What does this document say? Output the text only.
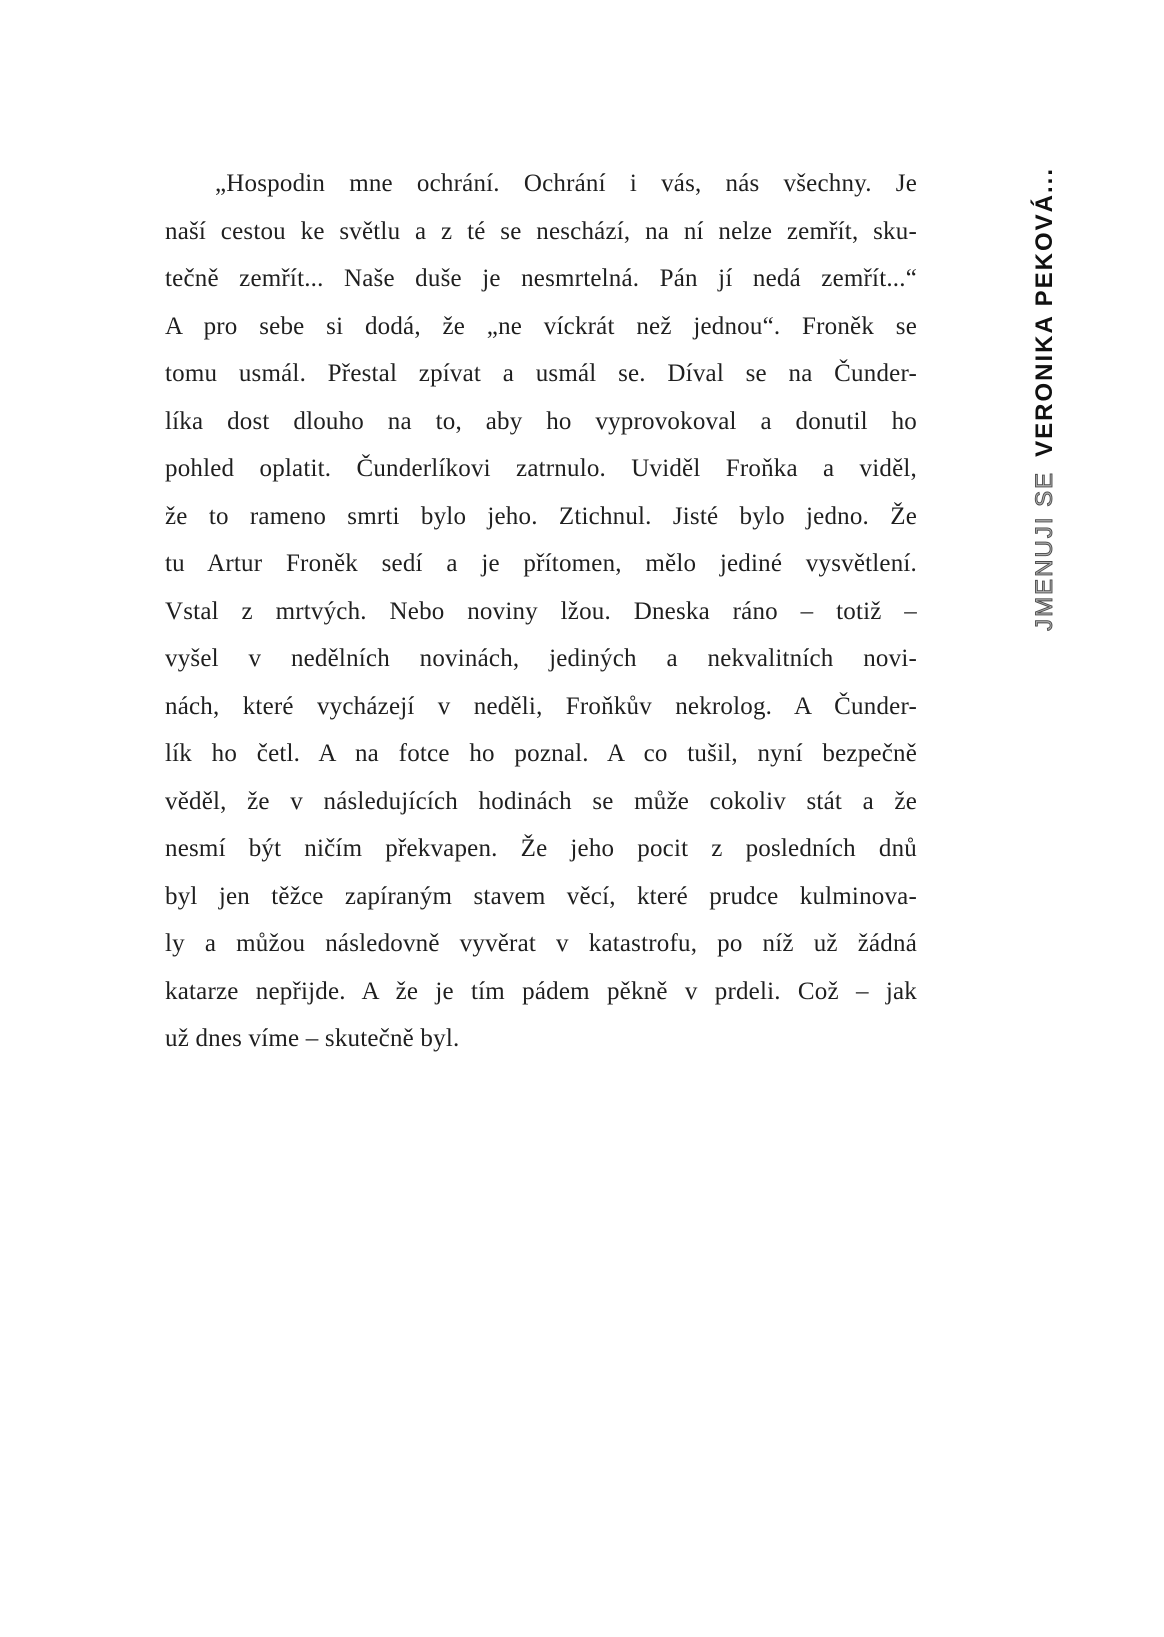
„Hospodin mne ochrání. Ochrání i vás, nás všechny. Je
naší cestou ke světlu a z té se neschází, na ní nelze zemřít, sku-
tečně zemřít... Naše duše je nesmrtelná. Pán jí nedá zemřít...“
A pro sebe si dodá, že „ne víckrát než jednou“. Froněk se
tomu usmál. Přestal zpívat a usmál se. Díval se na Čunder-
líka dost dlouho na to, aby ho vyprovokoval a donutil ho
pohled oplatit. Čunderlíkovi zatrnulo. Uviděl Froňka a viděl,
že to rameno smrti bylo jeho. Ztichnul. Jisté bylo jedno. Že
tu Artur Froněk sedí a je přítomen, mělo jediné vysvětlení.
Vstal z mrtvých. Nebo noviny lžou. Dneska ráno – totiž –
vyšel v nedělních novinách, jediných a nekvalitních novi-
nách, které vycházejí v neděli, Froňkův nekrolog. A Čunder-
lík ho četl. A na fotce ho poznal. A co tušil, nyní bezpečně
věděl, že v následujících hodinách se může cokoliv stát a že
nesmí být ničím překvapen. Že jeho pocit z posledních dnů
byl jen těžce zapíraným stavem věcí, které prudce kulminova-
ly a můžou následovně vyvěrat v katastrofu, po níž už žádná
katarze nepřijde. A že je tím pádem pěkně v prdeli. Což – jak
už dnes víme – skutečně byl.
JMENUJI SE
VERONIKA PEKOVÁ...
